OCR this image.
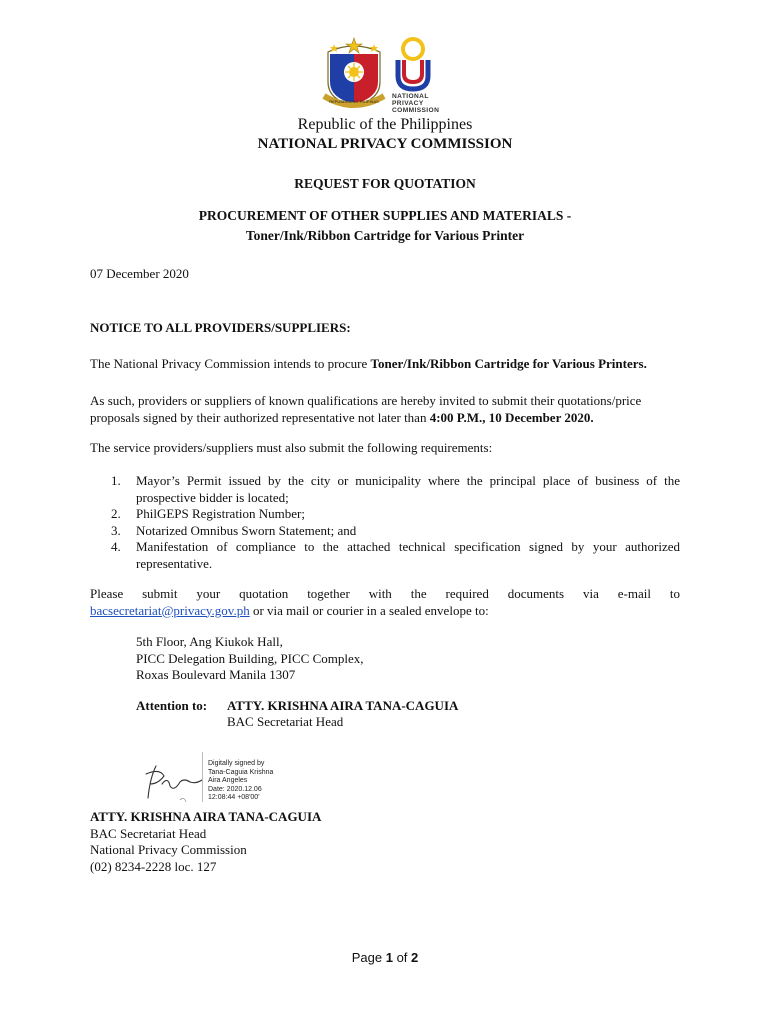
REPUBLIKA NG PILIPINAS
NATIONAL
PRIVACY
COMMISSION
Republic of the Philippines
NATIONAL PRIVACY COMMISSION
REQUEST FOR QUOTATION
PROCUREMENT OF OTHER SUPPLIES AND MATERIALS -
Toner/Ink/Ribbon Cartridge for Various Printer
07 December 2020
NOTICE TO ALL PROVIDERS/SUPPLIERS:
The National Privacy Commission intends to procure Toner/Ink/Ribbon Cartridge for Various Printers.
As such, providers or suppliers of known qualifications are hereby invited to submit their quotations/price proposals signed by their authorized representative not later than 4:00 P.M., 10 December 2020.
The service providers/suppliers must also submit the following requirements:
1. Mayor’s Permit issued by the city or municipality where the principal place of business of the prospective bidder is located;
2. PhilGEPS Registration Number;
3. Notarized Omnibus Sworn Statement; and
4. Manifestation of compliance to the attached technical specification signed by your authorized representative.
Please submit your quotation together with the required documents via e-mail to
bacsecretariat@privacy.gov.ph or via mail or courier in a sealed envelope to:
5th Floor, Ang Kiukok Hall,
PICC Delegation Building, PICC Complex,
Roxas Boulevard Manila 1307
Attention to: ATTY. KRISHNA AIRA TANA-CAGUIA
BAC Secretariat Head
Digitally signed by
Tana-Caguia Krishna
Aira Angeles
Date: 2020.12.06
12:08:44 +08'00'
ATTY. KRISHNA AIRA TANA-CAGUIA
BAC Secretariat Head
National Privacy Commission
(02) 8234-2228 loc. 127
Page 1 of 2
